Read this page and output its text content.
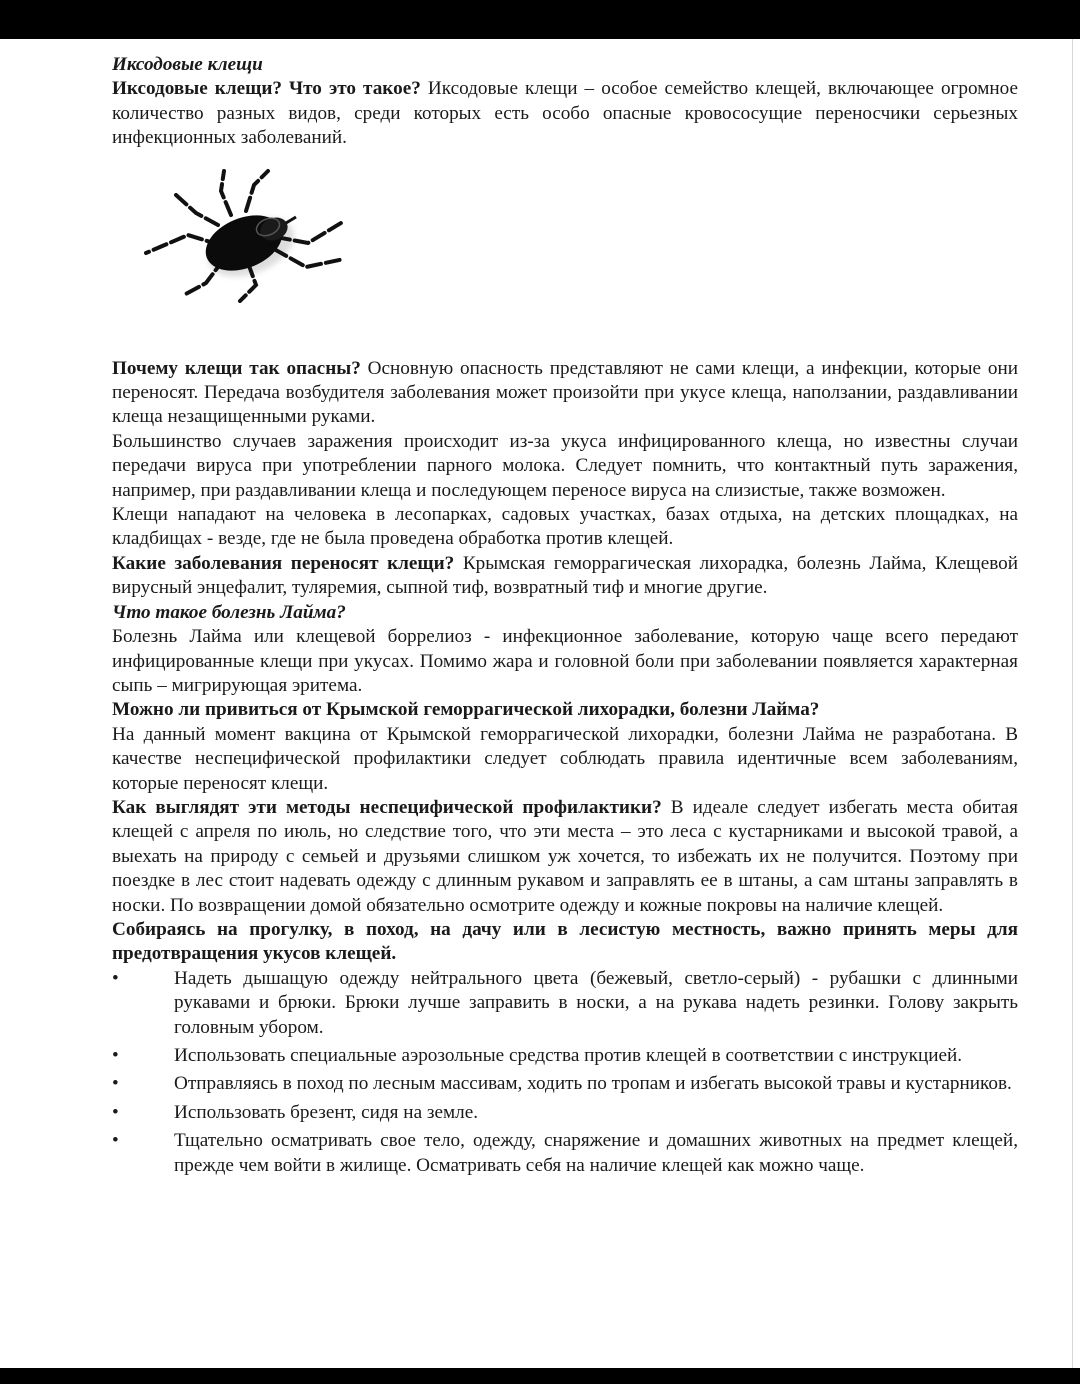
Иксодовые клещи

Иксодовые клещи? Что это такое? Иксодовые клещи – особое семейство клещей, включающее огромное количество разных видов, среди которых есть особо опасные кровососущие переносчики серьезных инфекционных заболеваний.

Почему клещи так опасны? Основную опасность представляют не сами клещи, а инфекции, которые они переносят. Передача возбудителя заболевания может произойти при укусе клеща, наползании, раздавливании клеща незащищенными руками.

Большинство случаев заражения происходит из-за укуса инфицированного клеща, но известны случаи передачи вируса при употреблении парного молока. Следует помнить, что контактный путь заражения, например, при раздавливании клеща и последующем переносе вируса на слизистые, также возможен.

Клещи нападают на человека в лесопарках, садовых участках, базах отдыха, на детских площадках, на кладбищах - везде, где не была проведена обработка против клещей.

Какие заболевания переносят клещи? Крымская геморрагическая лихорадка, болезнь Лайма, Клещевой вирусный энцефалит, туляремия, сыпной тиф, возвратный тиф и многие другие.

Что такое болезнь Лайма?

Болезнь Лайма или клещевой боррелиоз - инфекционное заболевание, которую чаще всего передают инфицированные клещи при укусах. Помимо жара и головной боли при заболевании появляется характерная сыпь – мигрирующая эритема.

Можно ли привиться от Крымской геморрагической лихорадки, болезни Лайма?

На данный момент вакцина от Крымской геморрагической лихорадки, болезни Лайма не разработана. В качестве неспецифической профилактики следует соблюдать правила идентичные всем заболеваниям, которые переносят клещи.

Как выглядят эти методы неспецифической профилактики? В идеале следует избегать места обитая клещей с апреля по июль, но следствие того, что эти места – это леса с кустарниками и высокой травой, а выехать на природу с семьей и друзьями слишком уж хочется, то избежать их не получится. Поэтому при поездке в лес стоит надевать одежду с длинным рукавом и заправлять ее в штаны, а сам штаны заправлять в носки. По возвращении домой обязательно осмотрите одежду и кожные покровы на наличие клещей.

Собираясь на прогулку, в поход, на дачу или в лесистую местность, важно принять меры для предотвращения укусов клещей.

•	Надеть дышащую одежду нейтрального цвета (бежевый, светло-серый) - рубашки с длинными рукавами и брюки. Брюки лучше заправить в носки, а на рукава надеть резинки. Голову закрыть головным убором.

•	Использовать специальные аэрозольные средства против клещей в соответствии с инструкцией.

•	Отправляясь в поход по лесным массивам, ходить по тропам и избегать высокой травы и кустарников.

•	Использовать брезент, сидя на земле.

•	Тщательно осматривать свое тело, одежду, снаряжение и домашних животных на предмет клещей, прежде чем войти в жилище. Осматривать себя на наличие клещей как можно чаще.
